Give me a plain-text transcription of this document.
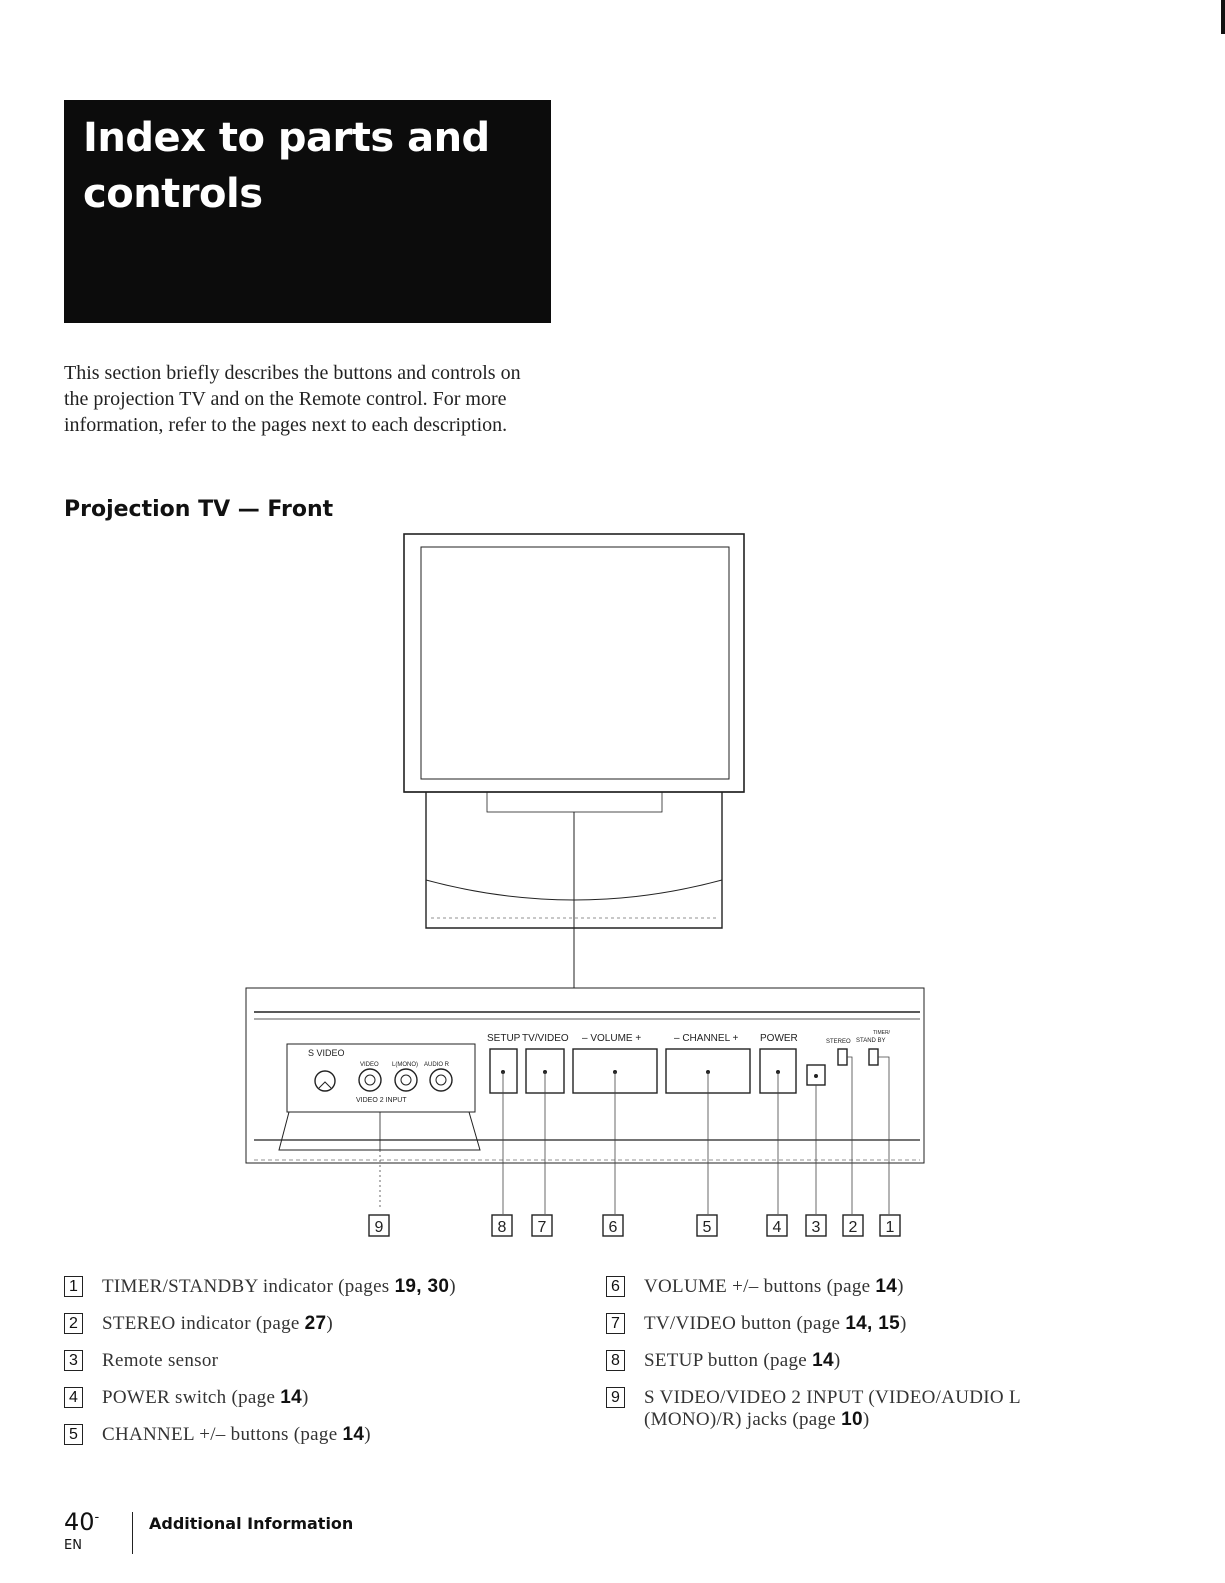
Index to parts and controls

This section briefly describes the buttons and controls on the projection TV and on the Remote control. For more information, refer to the pages next to each description.

Projection TV — Front
S VIDEO
VIDEO L(MONO) AUDIO R
VIDEO 2 INPUT
SETUP TV/VIDEO – VOLUME +	– CHANNEL + POWER	STEREO
TIMER/
STAND BY
9	8 7	6	5	4 3 2 1
1 TIMER/STANDBY indicator (pages 19, 30)
2 STEREO indicator (page 27)
3 Remote sensor
4 POWER switch (page 14)
5 CHANNEL +/– buttons (page 14)
6 VOLUME +/– buttons (page 14)
7 TV/VIDEO button (page 14, 15)
8 SETUP button (page 14)
9 S VIDEO/VIDEO 2 INPUT (VIDEO/AUDIO L (MONO)/R) jacks (page 10)
$40^{-EN}$
Additional Information
